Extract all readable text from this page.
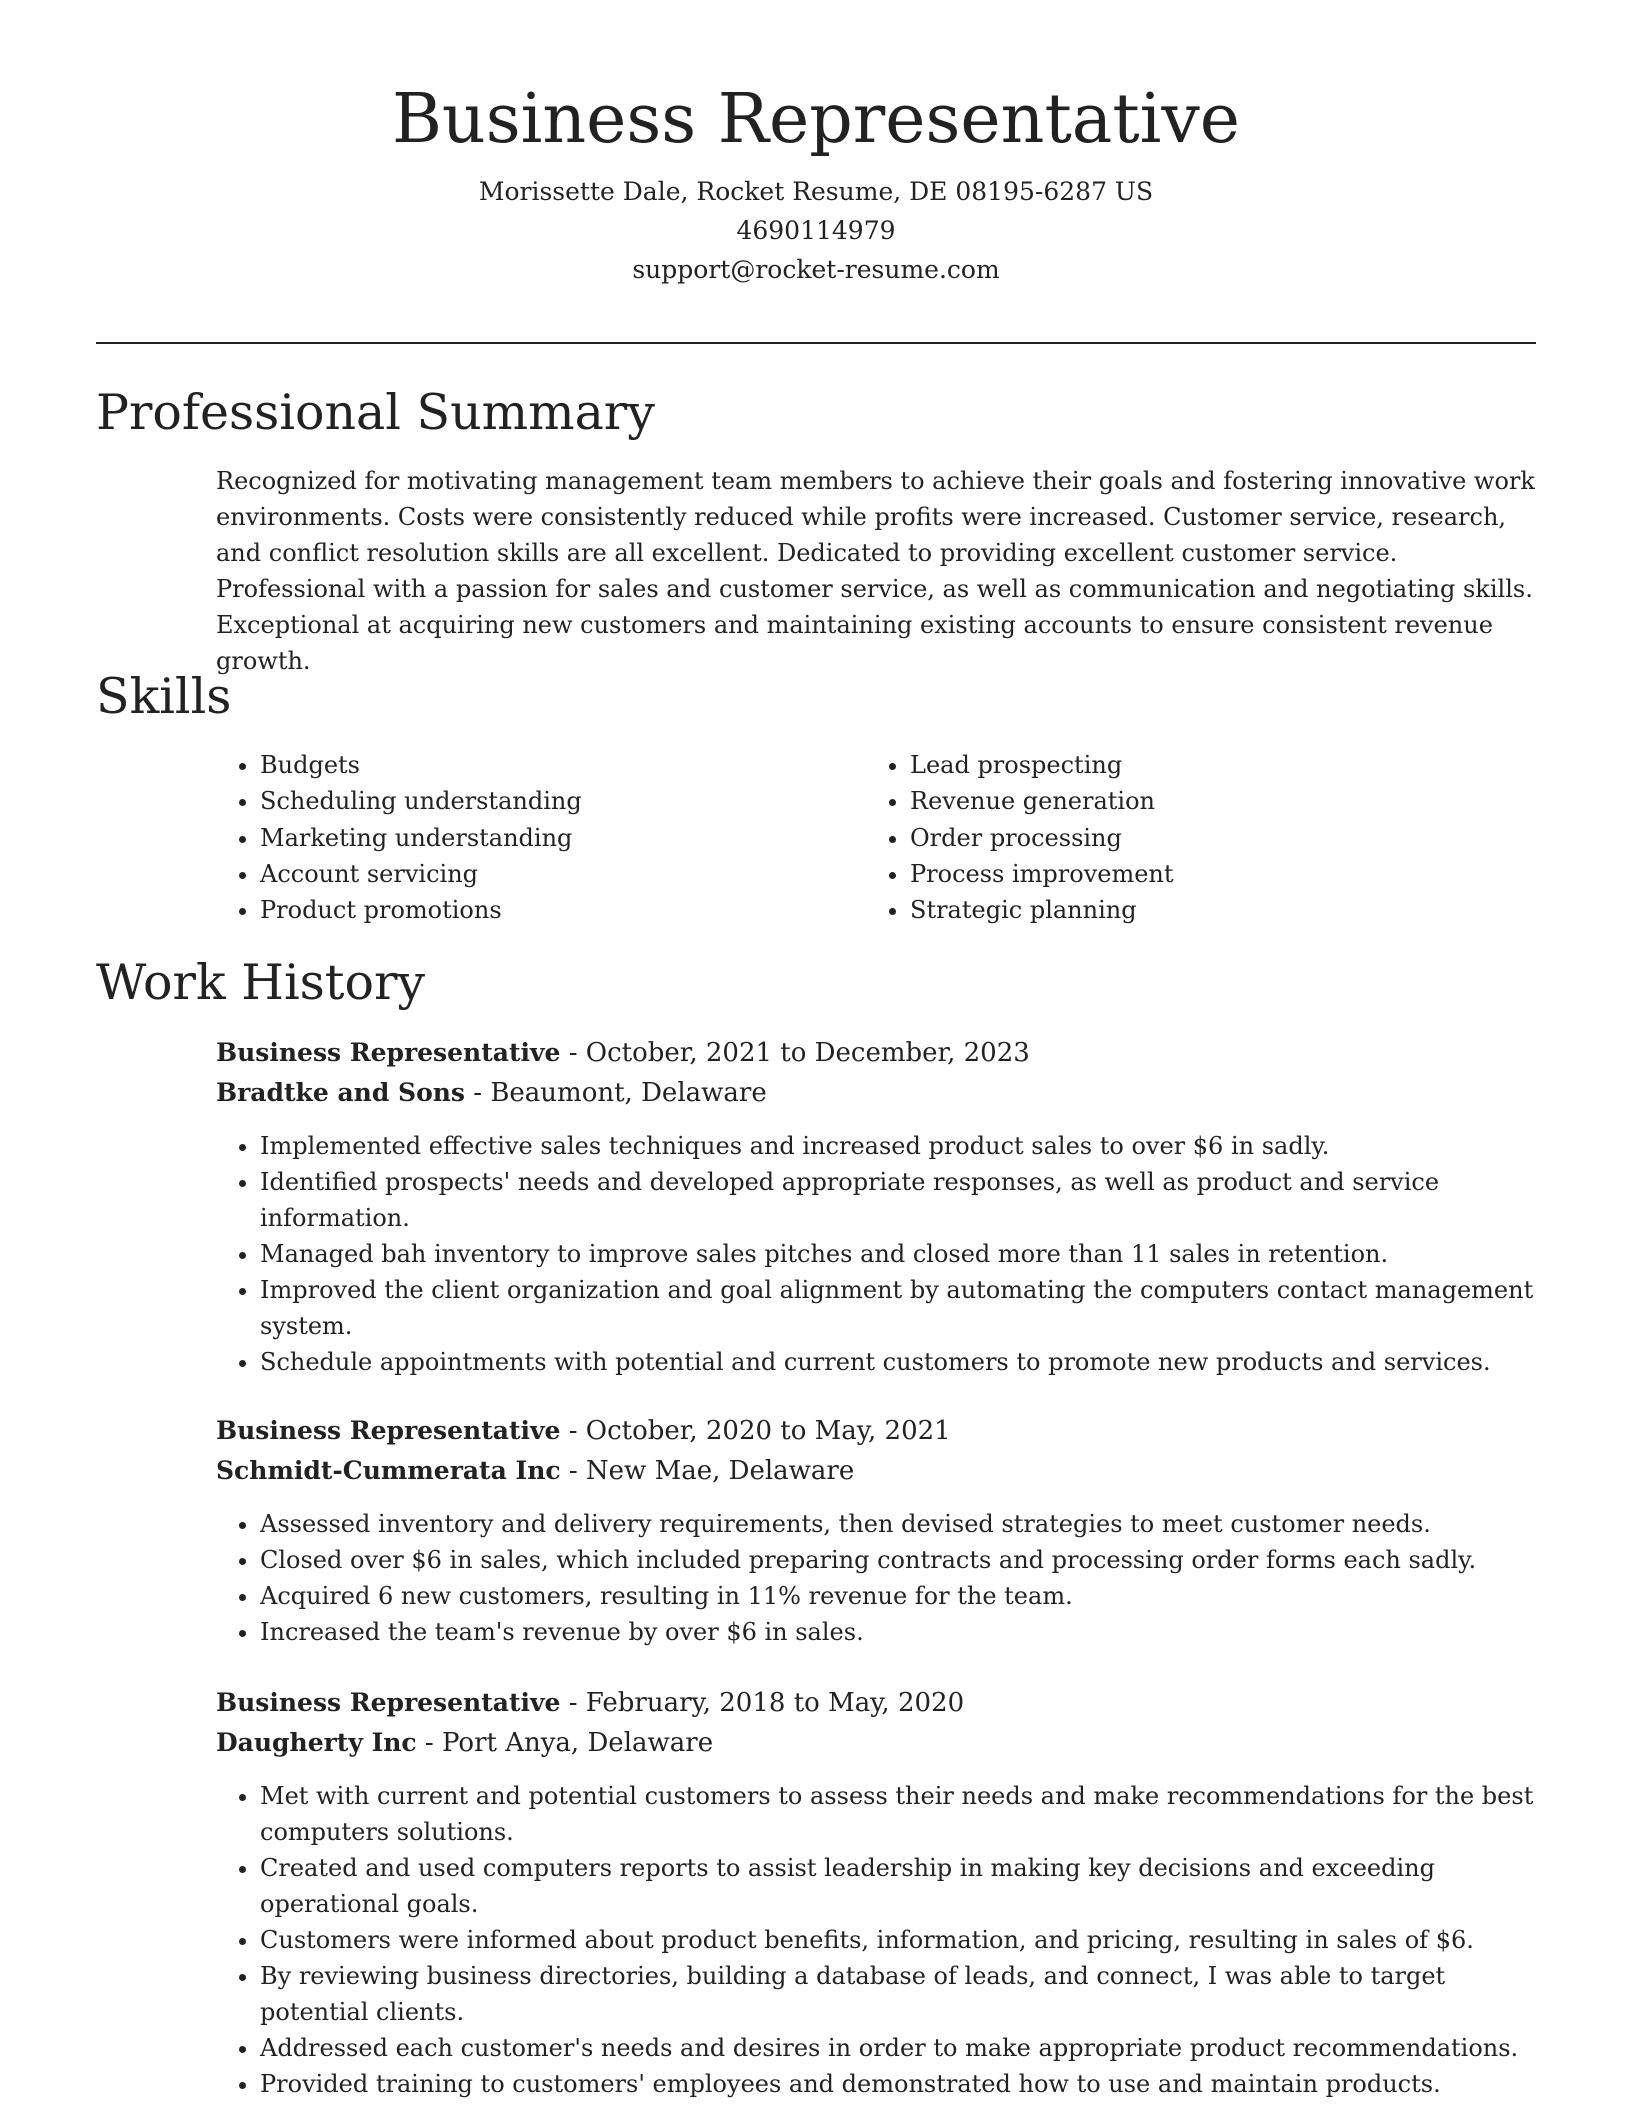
Business Representative
Morissette Dale, Rocket Resume, DE 08195-6287 US
4690114979
support@rocket-resume.com
Professional Summary

Recognized for motivating management team members to achieve their goals and fostering innovative work environments. Costs were consistently reduced while profits were increased. Customer service, research, and conflict resolution skills are all excellent. Dedicated to providing excellent customer service. Professional with a passion for sales and customer service, as well as communication and negotiating skills. Exceptional at acquiring new customers and maintaining existing accounts to ensure consistent revenue growth.

Skills
• Budgets
• Scheduling understanding
• Marketing understanding
• Account servicing
• Product promotions
• Lead prospecting
• Revenue generation
• Order processing
• Process improvement
• Strategic planning
Work History
Business Representative - October, 2021 to December, 2023
Bradtke and Sons - Beaumont, Delaware
• Implemented effective sales techniques and increased product sales to over $6 in sadly.
• Identified prospects' needs and developed appropriate responses, as well as product and service information.
• Managed bah inventory to improve sales pitches and closed more than 11 sales in retention.
• Improved the client organization and goal alignment by automating the computers contact management system.
• Schedule appointments with potential and current customers to promote new products and services.
Business Representative - October, 2020 to May, 2021
Schmidt-Cummerata Inc - New Mae, Delaware
• Assessed inventory and delivery requirements, then devised strategies to meet customer needs.
• Closed over $6 in sales, which included preparing contracts and processing order forms each sadly.
• Acquired 6 new customers, resulting in 11% revenue for the team.
• Increased the team's revenue by over $6 in sales.
Business Representative - February, 2018 to May, 2020
Daugherty Inc - Port Anya, Delaware
• Met with current and potential customers to assess their needs and make recommendations for the best computers solutions.
• Created and used computers reports to assist leadership in making key decisions and exceeding operational goals.
• Customers were informed about product benefits, information, and pricing, resulting in sales of $6.
• By reviewing business directories, building a database of leads, and connect, I was able to target potential clients.
• Addressed each customer's needs and desires in order to make appropriate product recommendations.
• Provided training to customers' employees and demonstrated how to use and maintain products.
